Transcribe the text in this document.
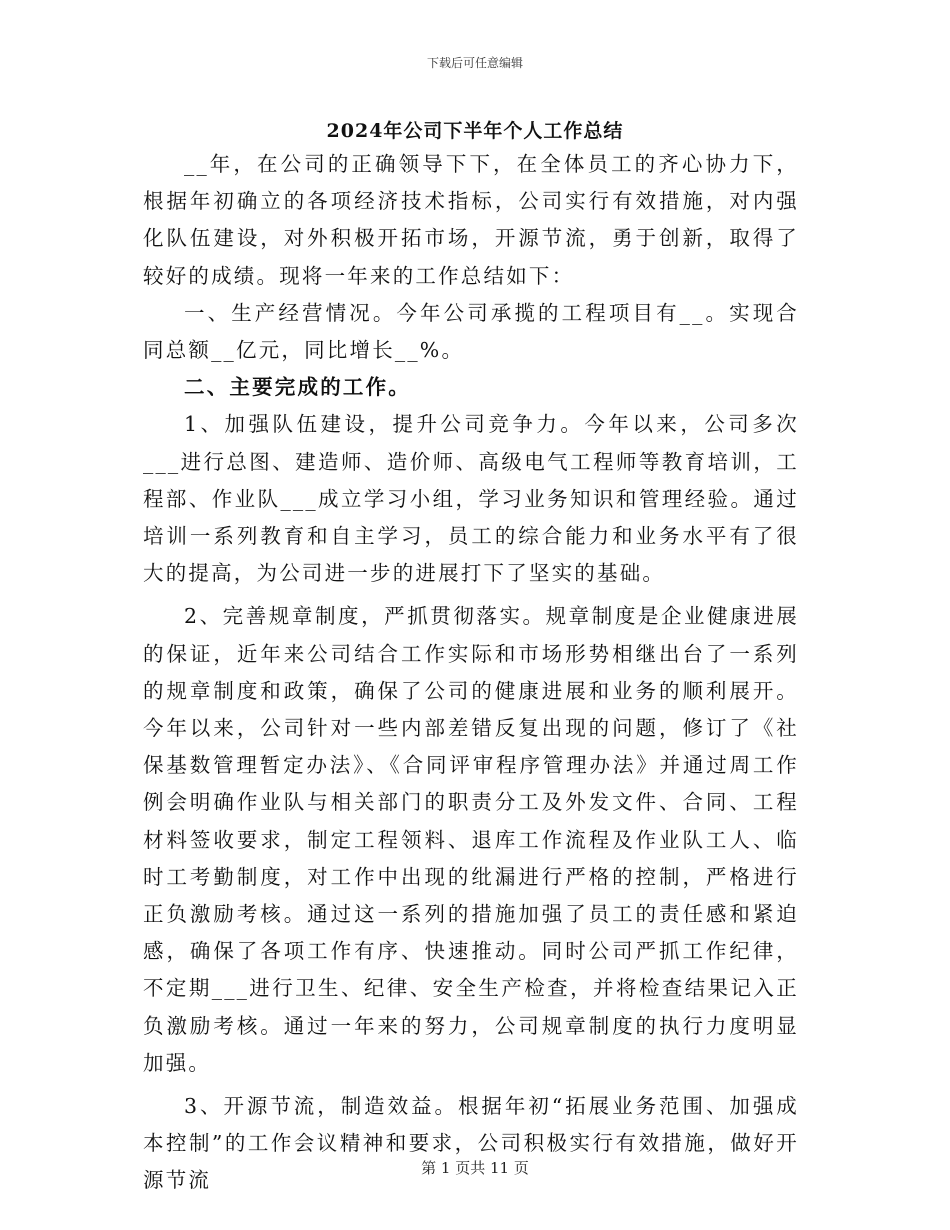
下载后可任意编辑
2024年公司下半年个人工作总结

__年，在公司的正确领导下下，在全体员工的齐心协力下，根据年初确立的各项经济技术指标，公司实行有效措施，对内强化队伍建设，对外积极开拓市场，开源节流，勇于创新，取得了较好的成绩。现将一年来的工作总结如下：

一、生产经营情况。今年公司承揽的工程项目有__。实现合同总额__亿元，同比增长__%。

二、主要完成的工作。

1、加强队伍建设，提升公司竞争力。今年以来，公司多次___进行总图、建造师、造价师、高级电气工程师等教育培训，工程部、作业队___成立学习小组，学习业务知识和管理经验。通过培训一系列教育和自主学习，员工的综合能力和业务水平有了很大的提高，为公司进一步的进展打下了坚实的基础。

2、完善规章制度，严抓贯彻落实。规章制度是企业健康进展的保证，近年来公司结合工作实际和市场形势相继出台了一系列的规章制度和政策，确保了公司的健康进展和业务的顺利展开。今年以来，公司针对一些内部差错反复出现的问题，修订了《社保基数管理暂定办法》、《合同评审程序管理办法》并通过周工作例会明确作业队与相关部门的职责分工及外发文件、合同、工程材料签收要求，制定工程领料、退库工作流程及作业队工人、临时工考勤制度，对工作中出现的纰漏进行严格的控制，严格进行正负激励考核。通过这一系列的措施加强了员工的责任感和紧迫感，确保了各项工作有序、快速推动。同时公司严抓工作纪律，不定期___进行卫生、纪律、安全生产检查，并将检查结果记入正负激励考核。通过一年来的努力，公司规章制度的执行力度明显加强。

3、开源节流，制造效益。根据年初“拓展业务范围、加强成本控制”的工作会议精神和要求，公司积极实行有效措施，做好开源节流

第 1 页共 11 页
